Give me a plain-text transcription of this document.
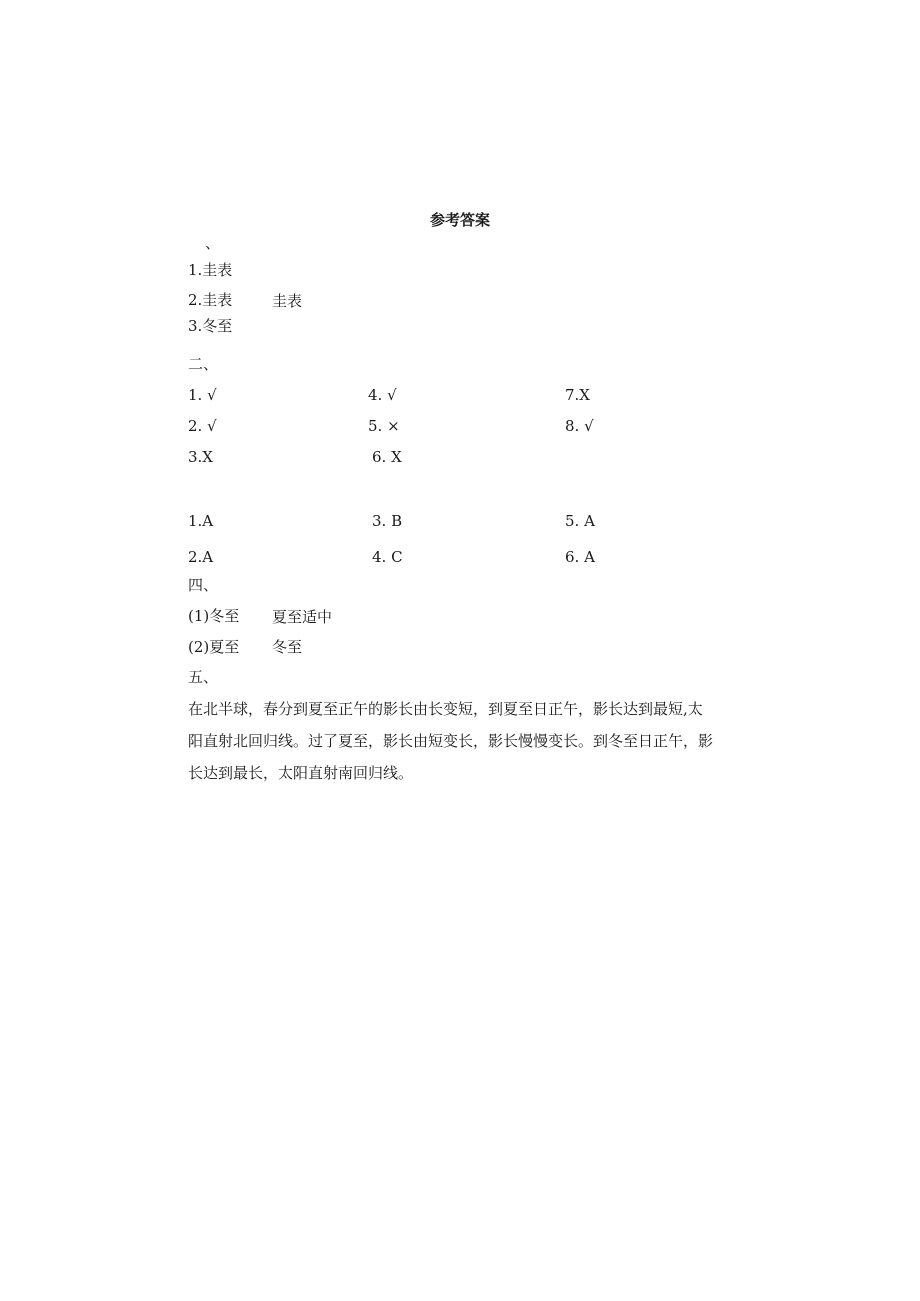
参考答案
、
1.圭表
2.圭表	圭表
3.冬至
二、
1. √
2. √
3.X
4. √
5. ×
6. X
7.X
8. √
1.A
2.A
3. B
4. C
5. A
6. A
四、
(1)冬至 夏至适中
(2)夏至 冬至
五、
在北半球，春分到夏至正午的影长由长变短，到夏至日正午，影长达到最短,太
阳直射北回归线。过了夏至，影长由短变长，影长慢慢变长。到冬至日正午，影
长达到最长，太阳直射南回归线。
